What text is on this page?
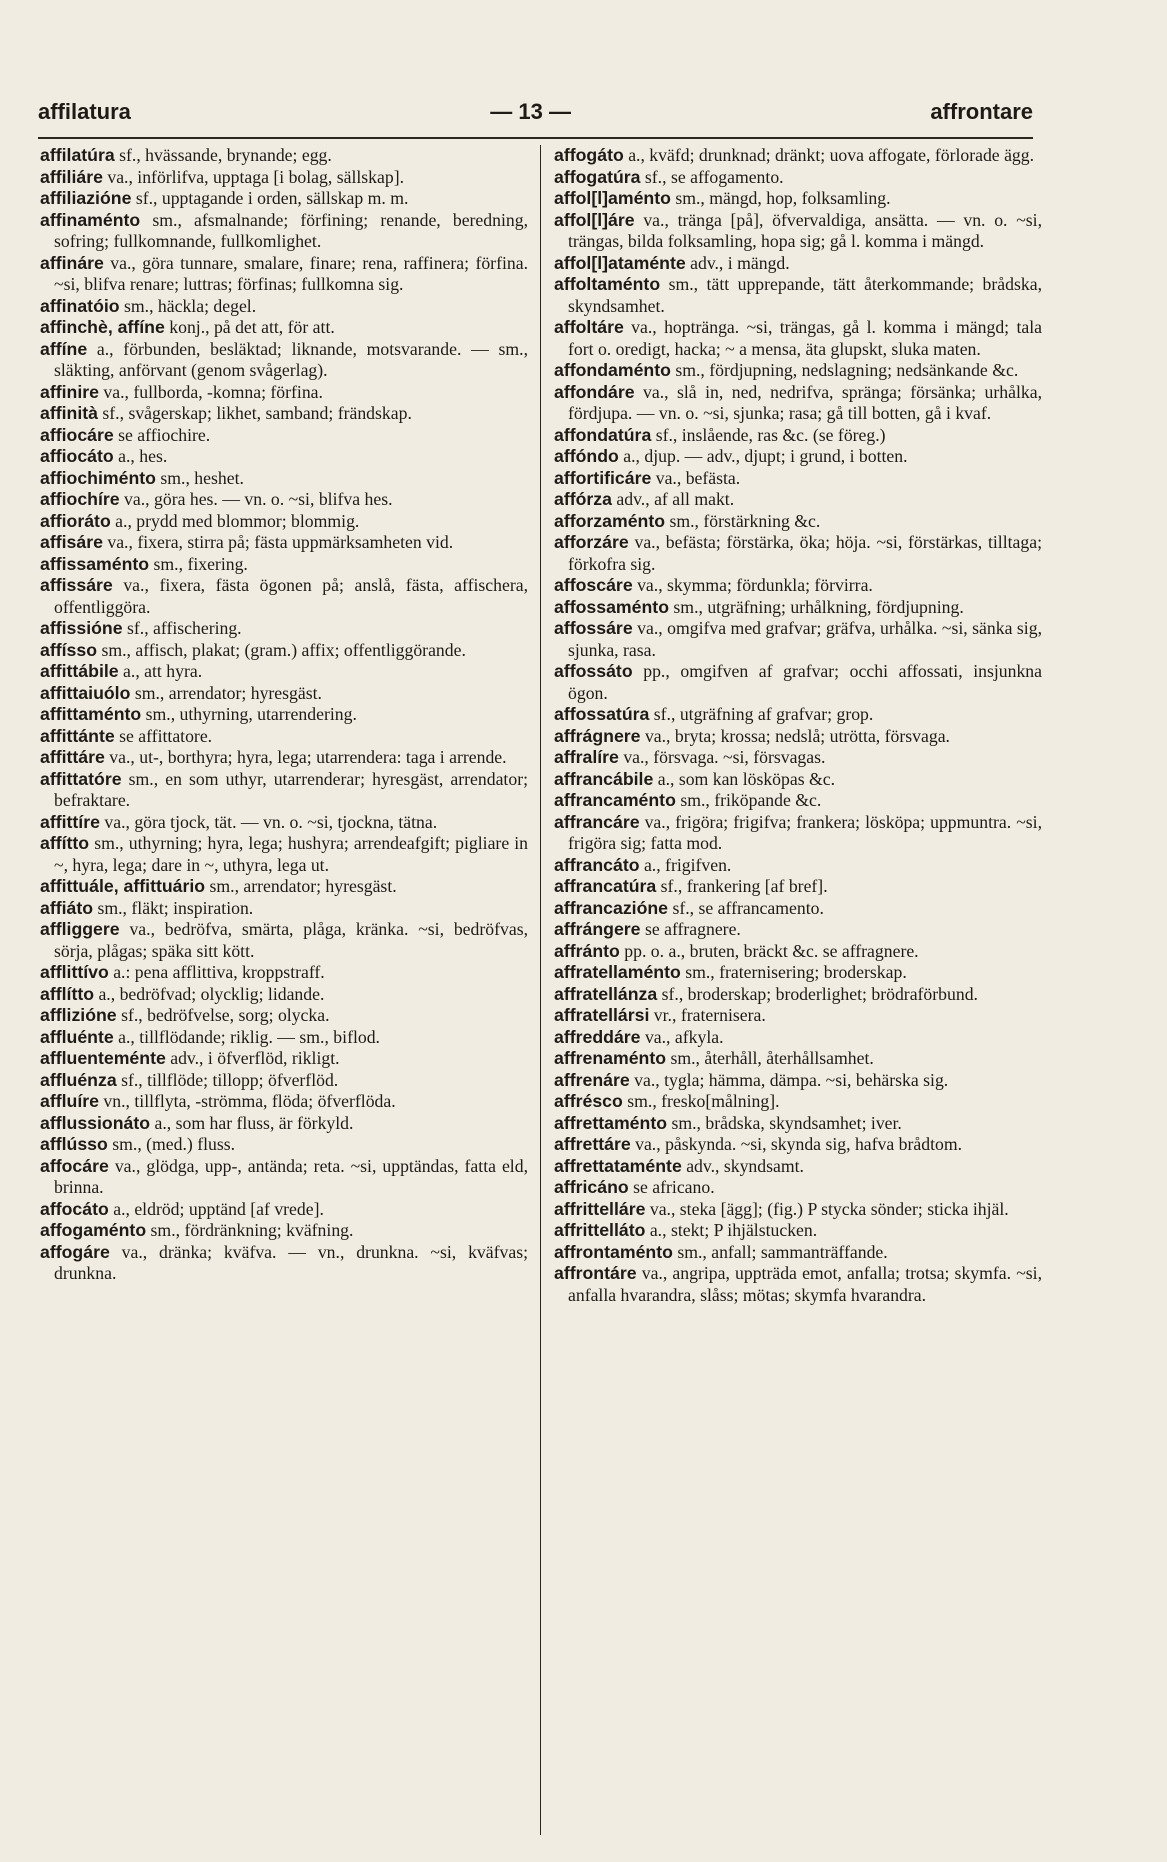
affilatura	— 13 —	affrontare
affilatúra sf., hvässande, brynande; egg.
affiliáre va., införlifva, upptaga [i bolag, sällskap].
affiliazióne sf., upptagande i orden, sällskap m. m.
affinaménto sm., afsmalnande; förfining; renande, beredning, sofring; fullkomnande, fullkomlighet.
affináre va., göra tunnare, smalare, finare; rena, raffinera; förfina. ~si, blifva renare; luttras; förfinas; fullkomna sig.
affinatóio sm., häckla; degel.
affinchè, affíne konj., på det att, för att.
affíne a., förbunden, besläktad; liknande, motsvarande. — sm., släkting, anförvant (genom svågerlag).
affinire va., fullborda, -komna; förfina.
affinità sf., svågerskap; likhet, samband; frändskap.
affiocáre se affiochire.
affiocáto a., hes.
affiochiménto sm., heshet.
affiochíre va., göra hes. — vn. o. ~si, blifva hes.
affioráto a., prydd med blommor; blommig.
affisáre va., fixera, stirra på; fästa uppmärksamheten vid.
affissaménto sm., fixering.
affissáre va., fixera, fästa ögonen på; anslå, fästa, affischera, offentliggöra.
affissióne sf., affischering.
affísso sm., affisch, plakat; (gram.) affix; offentliggörande.
affittábile a., att hyra.
affittaiuólo sm., arrendator; hyresgäst.
affittaménto sm., uthyrning, utarrendering.
affittánte se affittatore.
affittáre va., ut-, borthyra; hyra, lega; utarrendera: taga i arrende.
affittatóre sm., en som uthyr, utarrenderar; hyresgäst, arrendator; befraktare.
affittíre va., göra tjock, tät. — vn. o. ~si, tjockna, tätna.
affítto sm., uthyrning; hyra, lega; hushyra; arrendeafgift; pigliare in ~, hyra, lega; dare in ~, uthyra, lega ut.
affittuále, affittuário sm., arrendator; hyresgäst.
affiáto sm., fläkt; inspiration.
affliggere va., bedröfva, smärta, plåga, kränka. ~si, bedröfvas, sörja, plågas; späka sitt kött.
afflittívo a.: pena afflittiva, kroppstraff.
afflítto a., bedröfvad; olycklig; lidande.
afflizióne sf., bedröfvelse, sorg; olycka.
affluénte a., tillflödande; riklig. — sm., biflod.
affluenteménte adv., i öfverflöd, rikligt.
affluénza sf., tillflöde; tillopp; öfverflöd.
affluíre vn., tillflyta, -strömma, flöda; öfverflöda.
afflussionáto a., som har fluss, är förkyld.
afflússo sm., (med.) fluss.
affocáre va., glödga, upp-, antända; reta. ~si, upptändas, fatta eld, brinna.
affocáto a., eldröd; upptänd [af vrede].
affogaménto sm., fördränkning; kväfning.
affogáre va., dränka; kväfva. — vn., drunkna. ~si, kväfvas; drunkna.
affogáto a., kväfd; drunknad; dränkt; uova affogate, förlorade ägg.
affogatúra sf., se affogamento.
affol[l]aménto sm., mängd, hop, folksamling.
affol[l]áre va., tränga [på], öfvervaldiga, ansätta. — vn. o. ~si, trängas, bilda folksamling, hopa sig; gå l. komma i mängd.
affol[l]ataménte adv., i mängd.
affoltaménto sm., tätt upprepande, tätt återkommande; brådska, skyndsamhet.
affoltáre va., hopträngа. ~si, trängas, gå l. komma i mängd; tala fort o. oredigt, hacka; ~ a mensa, äta glupskt, sluka maten.
affondaménto sm., fördjupning, nedslagning; nedsänkande &c.
affondáre va., slå in, ned, nedrifva, spränga; försänka; urhålka, fördjupa. — vn. o. ~si, sjunka; rasa; gå till botten, gå i kvaf.
affondatúra sf., inslående, ras &c. (se föreg.)
affóndo a., djup. — adv., djupt; i grund, i botten.
affortificáre va., befästa.
affórza adv., af all makt.
afforzaménto sm., förstärkning &c.
afforzáre va., befästa; förstärka, öka; höja. ~si, förstärkas, tilltaga; förkofra sig.
affoscáre va., skymma; fördunkla; förvirra.
affossaménto sm., utgräfning; urhålkning, fördjupning.
affossáre va., omgifva med grafvar; gräfva, urhålka. ~si, sänka sig, sjunka, rasa.
affossáto pp., omgifven af grafvar; occhi affossati, insjunkna ögon.
affossatúra sf., utgräfning af grafvar; grop.
affrágnere va., bryta; krossa; nedslå; utrötta, försvaga.
affralíre va., försvaga. ~si, försvagas.
affrancábile a., som kan lösköpas &c.
affrancaménto sm., friköpande &c.
affrancáre va., frigöra; frigifva; frankera; lösköpa; uppmuntra. ~si, frigöra sig; fatta mod.
affrancáto a., frigifven.
affrancatúra sf., frankering [af bref].
affrancazióne sf., se affrancamento.
affrángere se affragnere.
affránto pp. o. a., bruten, bräckt &c. se affragnere.
affratellaménto sm., fraternisering; broderskap.
affratellánza sf., broderskap; broderlighet; brödraförbund.
affratellársi vr., fraternisera.
affreddáre va., afkyla.
affrenaménto sm., återhåll, återhållsamhet.
affrenáre va., tygla; hämma, dämpa. ~si, behärska sig.
affrésco sm., fresko[målning].
affrettaménto sm., brådska, skyndsamhet; iver.
affrettáre va., påskynda. ~si, skynda sig, hafva brådtom.
affrettataménte adv., skyndsamt.
affricáno se africano.
affrittelláre va., steka [ägg]; (fig.) P stycka sönder; sticka ihjäl.
affrittelláto a., stekt; P ihjälstucken.
affrontaménto sm., anfall; sammanträffande.
affrontáre va., angripa, uppträda emot, anfalla; trotsa; skymfa. ~si, anfalla hvarandra, slåss; mötas; skymfa hvarandra.
